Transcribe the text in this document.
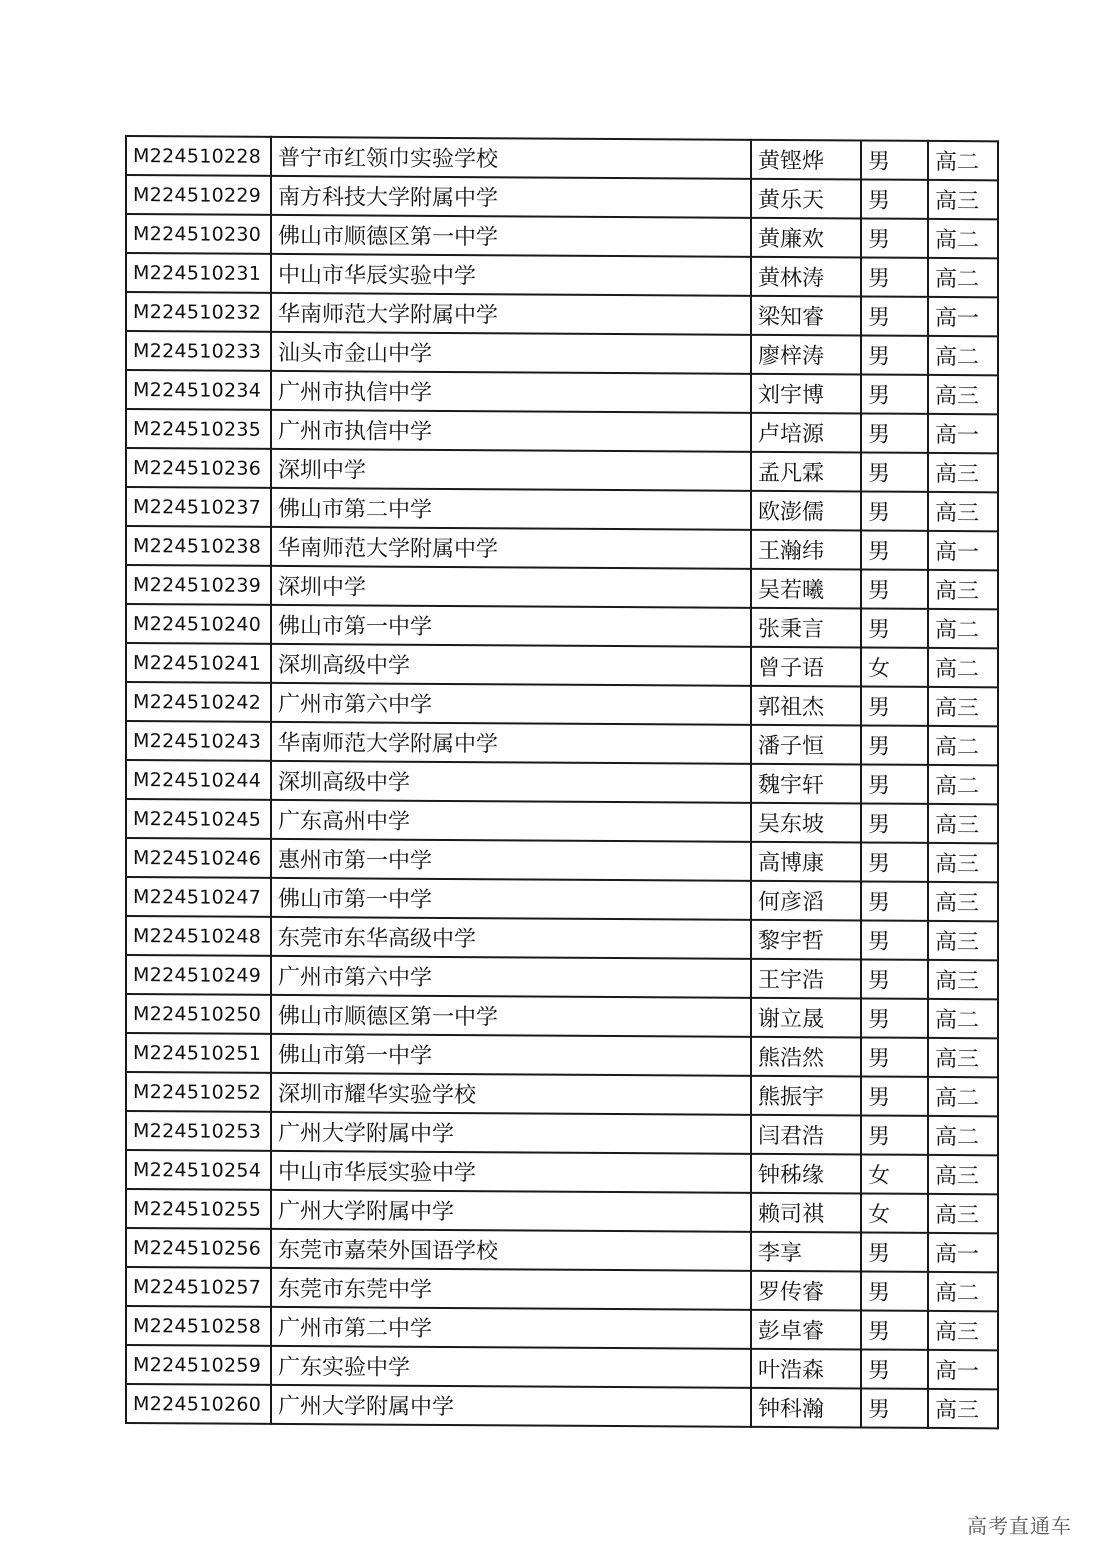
M224510228	普宁市红领巾实验学校	黄铿烨	男	高二
M224510229	南方科技大学附属中学	黄乐天	男	高三
M224510230	佛山市顺德区第一中学	黄廉欢	男	高二
M224510231	中山市华辰实验中学	黄林涛	男	高二
M224510232	华南师范大学附属中学	梁知睿	男	高一
M224510233	汕头市金山中学	廖梓涛	男	高二
M224510234	广州市执信中学	刘宇博	男	高三
M224510235	广州市执信中学	卢培源	男	高一
M224510236	深圳中学	孟凡霖	男	高三
M224510237	佛山市第二中学	欧澎儒	男	高三
M224510238	华南师范大学附属中学	王瀚纬	男	高一
M224510239	深圳中学	吴若曦	男	高三
M224510240	佛山市第一中学	张秉言	男	高二
M224510241	深圳高级中学	曾子语	女	高二
M224510242	广州市第六中学	郭祖杰	男	高三
M224510243	华南师范大学附属中学	潘子恒	男	高二
M224510244	深圳高级中学	魏宇轩	男	高二
M224510245	广东高州中学	吴东坡	男	高三
M224510246	惠州市第一中学	高博康	男	高三
M224510247	佛山市第一中学	何彦滔	男	高三
M224510248	东莞市东华高级中学	黎宇哲	男	高三
M224510249	广州市第六中学	王宇浩	男	高三
M224510250	佛山市顺德区第一中学	谢立晟	男	高二
M224510251	佛山市第一中学	熊浩然	男	高三
M224510252	深圳市耀华实验学校	熊振宇	男	高二
M224510253	广州大学附属中学	闫君浩	男	高二
M224510254	中山市华辰实验中学	钟秭缘	女	高三
M224510255	广州大学附属中学	赖司祺	女	高三
M224510256	东莞市嘉荣外国语学校	李享	男	高一
M224510257	东莞市东莞中学	罗传睿	男	高二
M224510258	广州市第二中学	彭卓睿	男	高三
M224510259	广东实验中学	叶浩森	男	高一
M224510260	广州大学附属中学	钟科瀚	男	高三
高考直通车
